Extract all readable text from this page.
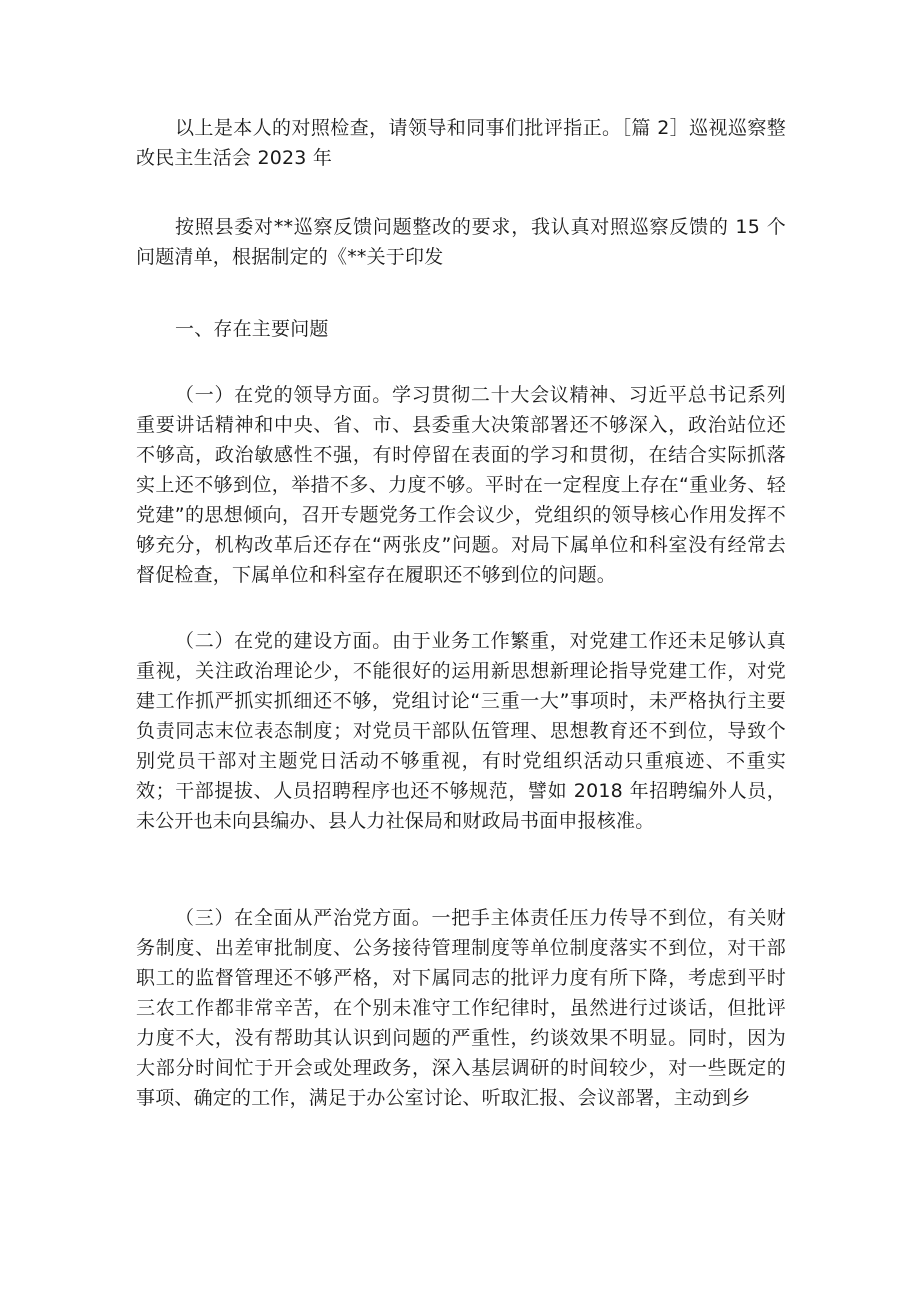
以上是本人的对照检查，请领导和同事们批评指正。［篇 2］巡视巡察整改民主生活会 2023 年

按照县委对**巡察反馈问题整改的要求，我认真对照巡察反馈的 15 个问题清单，根据制定的《**关于印发

一、存在主要问题

（一）在党的领导方面。学习贯彻二十大会议精神、习近平总书记系列重要讲话精神和中央、省、市、县委重大决策部署还不够深入，政治站位还不够高，政治敏感性不强，有时停留在表面的学习和贯彻，在结合实际抓落实上还不够到位，举措不多、力度不够。平时在一定程度上存在“重业务、轻党建”的思想倾向，召开专题党务工作会议少，党组织的领导核心作用发挥不够充分，机构改革后还存在“两张皮”问题。对局下属单位和科室没有经常去督促检查，下属单位和科室存在履职还不够到位的问题。

（二）在党的建设方面。由于业务工作繁重，对党建工作还未足够认真重视，关注政治理论少，不能很好的运用新思想新理论指导党建工作，对党建工作抓严抓实抓细还不够，党组讨论“三重一大”事项时，未严格执行主要负责同志末位表态制度；对党员干部队伍管理、思想教育还不到位，导致个别党员干部对主题党日活动不够重视，有时党组织活动只重痕迹、不重实效；干部提拔、人员招聘程序也还不够规范，譬如 2018 年招聘编外人员，未公开也未向县编办、县人力社保局和财政局书面申报核准。

（三）在全面从严治党方面。一把手主体责任压力传导不到位，有关财务制度、出差审批制度、公务接待管理制度等单位制度落实不到位，对干部职工的监督管理还不够严格，对下属同志的批评力度有所下降，考虑到平时三农工作都非常辛苦，在个别未准守工作纪律时，虽然进行过谈话，但批评力度不大，没有帮助其认识到问题的严重性，约谈效果不明显。同时，因为大部分时间忙于开会或处理政务，深入基层调研的时间较少，对一些既定的事项、确定的工作，满足于办公室讨论、听取汇报、会议部署，主动到乡
